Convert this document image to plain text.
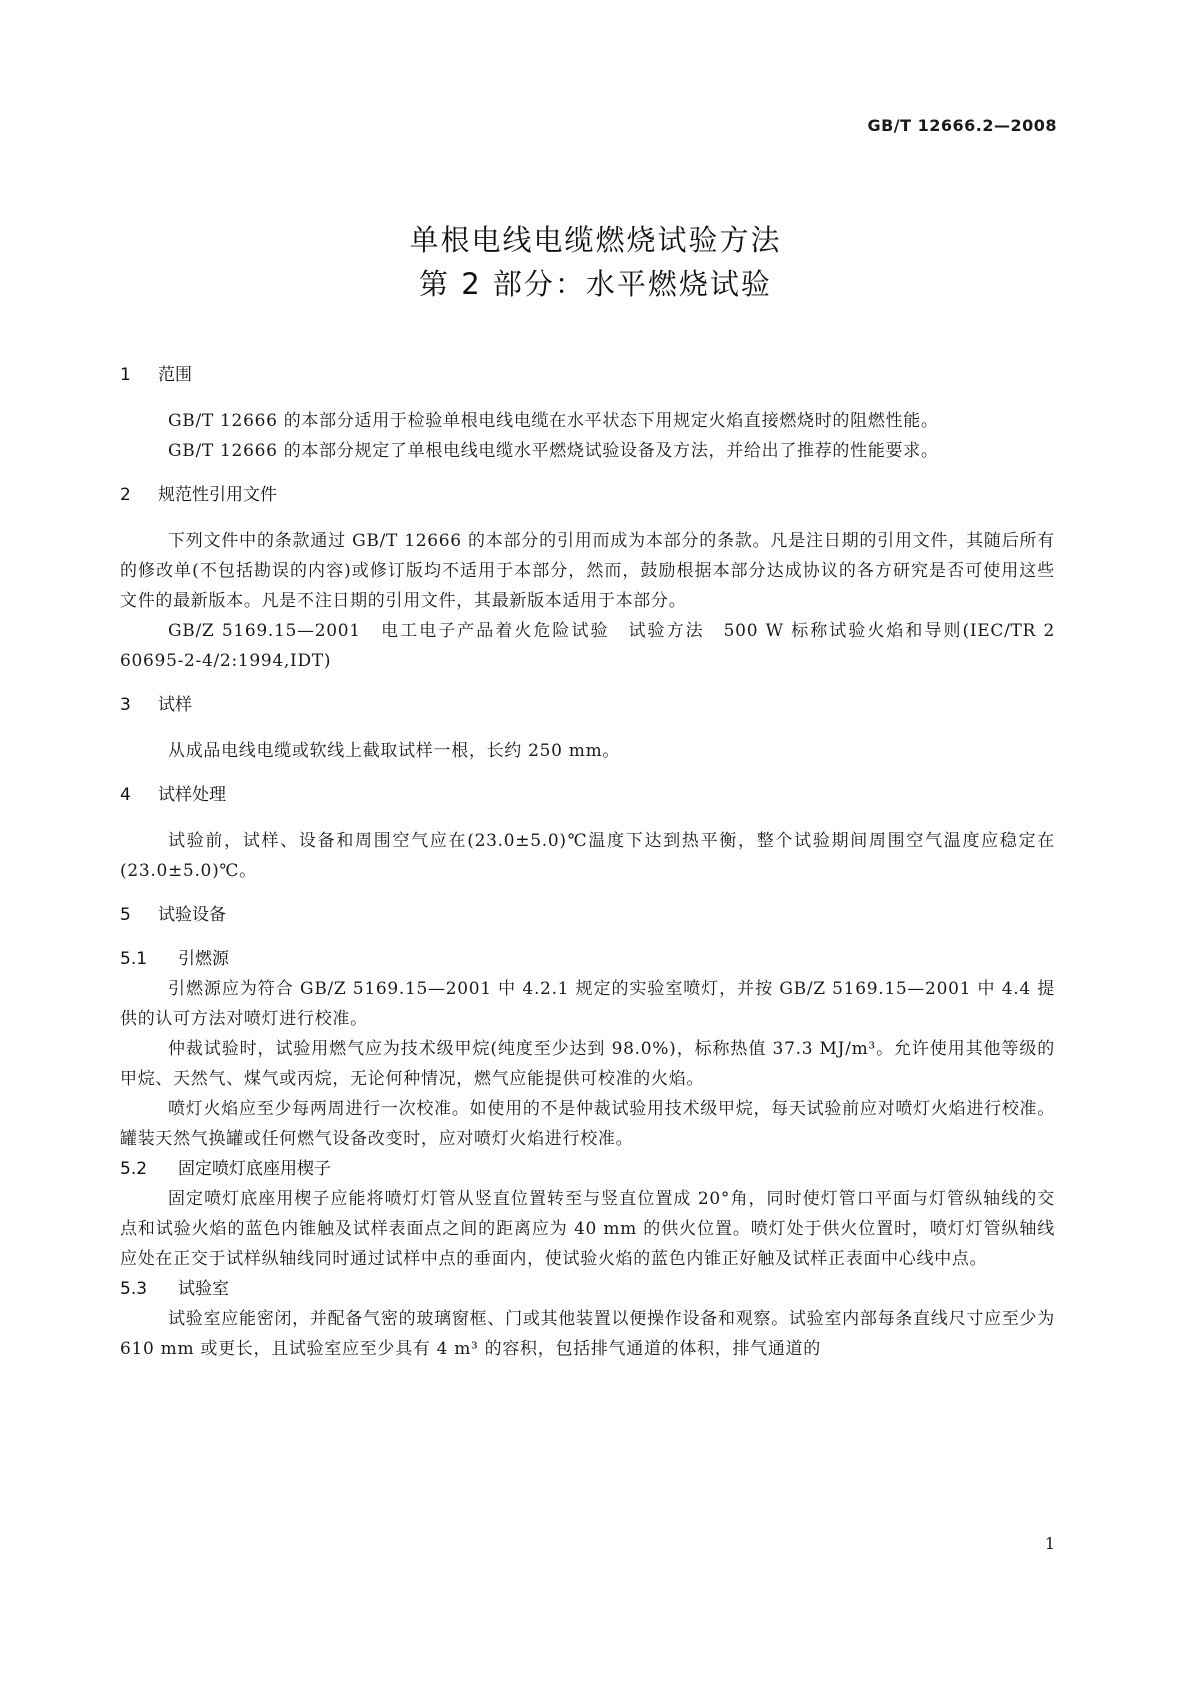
GB/T 12666.2—2008
单根电线电缆燃烧试验方法
第 2 部分：水平燃烧试验
1 范围

GB/T 12666 的本部分适用于检验单根电线电缆在水平状态下用规定火焰直接燃烧时的阻燃性能。

GB/T 12666 的本部分规定了单根电线电缆水平燃烧试验设备及方法，并给出了推荐的性能要求。

2 规范性引用文件

下列文件中的条款通过 GB/T 12666 的本部分的引用而成为本部分的条款。凡是注日期的引用文件，其随后所有的修改单(不包括勘误的内容)或修订版均不适用于本部分，然而，鼓励根据本部分达成协议的各方研究是否可使用这些文件的最新版本。凡是不注日期的引用文件，其最新版本适用于本部分。

GB/Z 5169.15—2001　电工电子产品着火危险试验　试验方法　500 W 标称试验火焰和导则(IEC/TR 2 60695-2-4/2:1994,IDT)

3 试样

从成品电线电缆或软线上截取试样一根，长约 250 mm。

4 试样处理

试验前，试样、设备和周围空气应在(23.0±5.0)℃温度下达到热平衡，整个试验期间周围空气温度应稳定在(23.0±5.0)℃。

5 试验设备
5.1 引燃源

引燃源应为符合 GB/Z 5169.15—2001 中 4.2.1 规定的实验室喷灯，并按 GB/Z 5169.15—2001 中 4.4 提供的认可方法对喷灯进行校准。

仲裁试验时，试验用燃气应为技术级甲烷(纯度至少达到 98.0%)，标称热值 37.3 MJ/m³。允许使用其他等级的甲烷、天然气、煤气或丙烷，无论何种情况，燃气应能提供可校准的火焰。

喷灯火焰应至少每两周进行一次校准。如使用的不是仲裁试验用技术级甲烷，每天试验前应对喷灯火焰进行校准。罐装天然气换罐或任何燃气设备改变时，应对喷灯火焰进行校准。

5.2 固定喷灯底座用楔子

固定喷灯底座用楔子应能将喷灯灯管从竖直位置转至与竖直位置成 20°角，同时使灯管口平面与灯管纵轴线的交点和试验火焰的蓝色内锥触及试样表面点之间的距离应为 40 mm 的供火位置。喷灯处于供火位置时，喷灯灯管纵轴线应处在正交于试样纵轴线同时通过试样中点的垂面内，使试验火焰的蓝色内锥正好触及试样正表面中心线中点。

5.3 试验室

试验室应能密闭，并配备气密的玻璃窗框、门或其他装置以便操作设备和观察。试验室内部每条直线尺寸应至少为 610 mm 或更长，且试验室应至少具有 4 m³ 的容积，包括排气通道的体积，排气通道的

1
